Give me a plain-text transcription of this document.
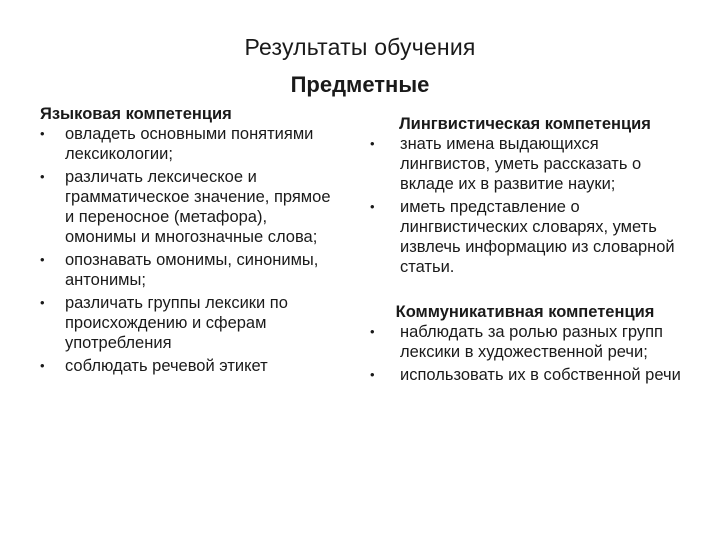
Результаты обучения
Предметные

Языковая компетенция

•	овладеть основными понятиями лексикологии;
•	различать лексическое и грамматическое значение, прямое и переносное (метафора), омонимы и многозначные слова;
•	опознавать омонимы, синонимы, антонимы;
•	различать группы лексики по происхождению и сферам употребления
•	соблюдать речевой этикет

Лингвистическая компетенция

•	знать имена выдающихся лингвистов, уметь рассказать о вкладе их в развитие науки;
•	иметь представление о лингвистических словарях, уметь извлечь информацию из словарной статьи.

Коммуникативная компетенция

•	наблюдать за ролью разных групп лексики в художественной речи;
•	использовать их в собственной речи
